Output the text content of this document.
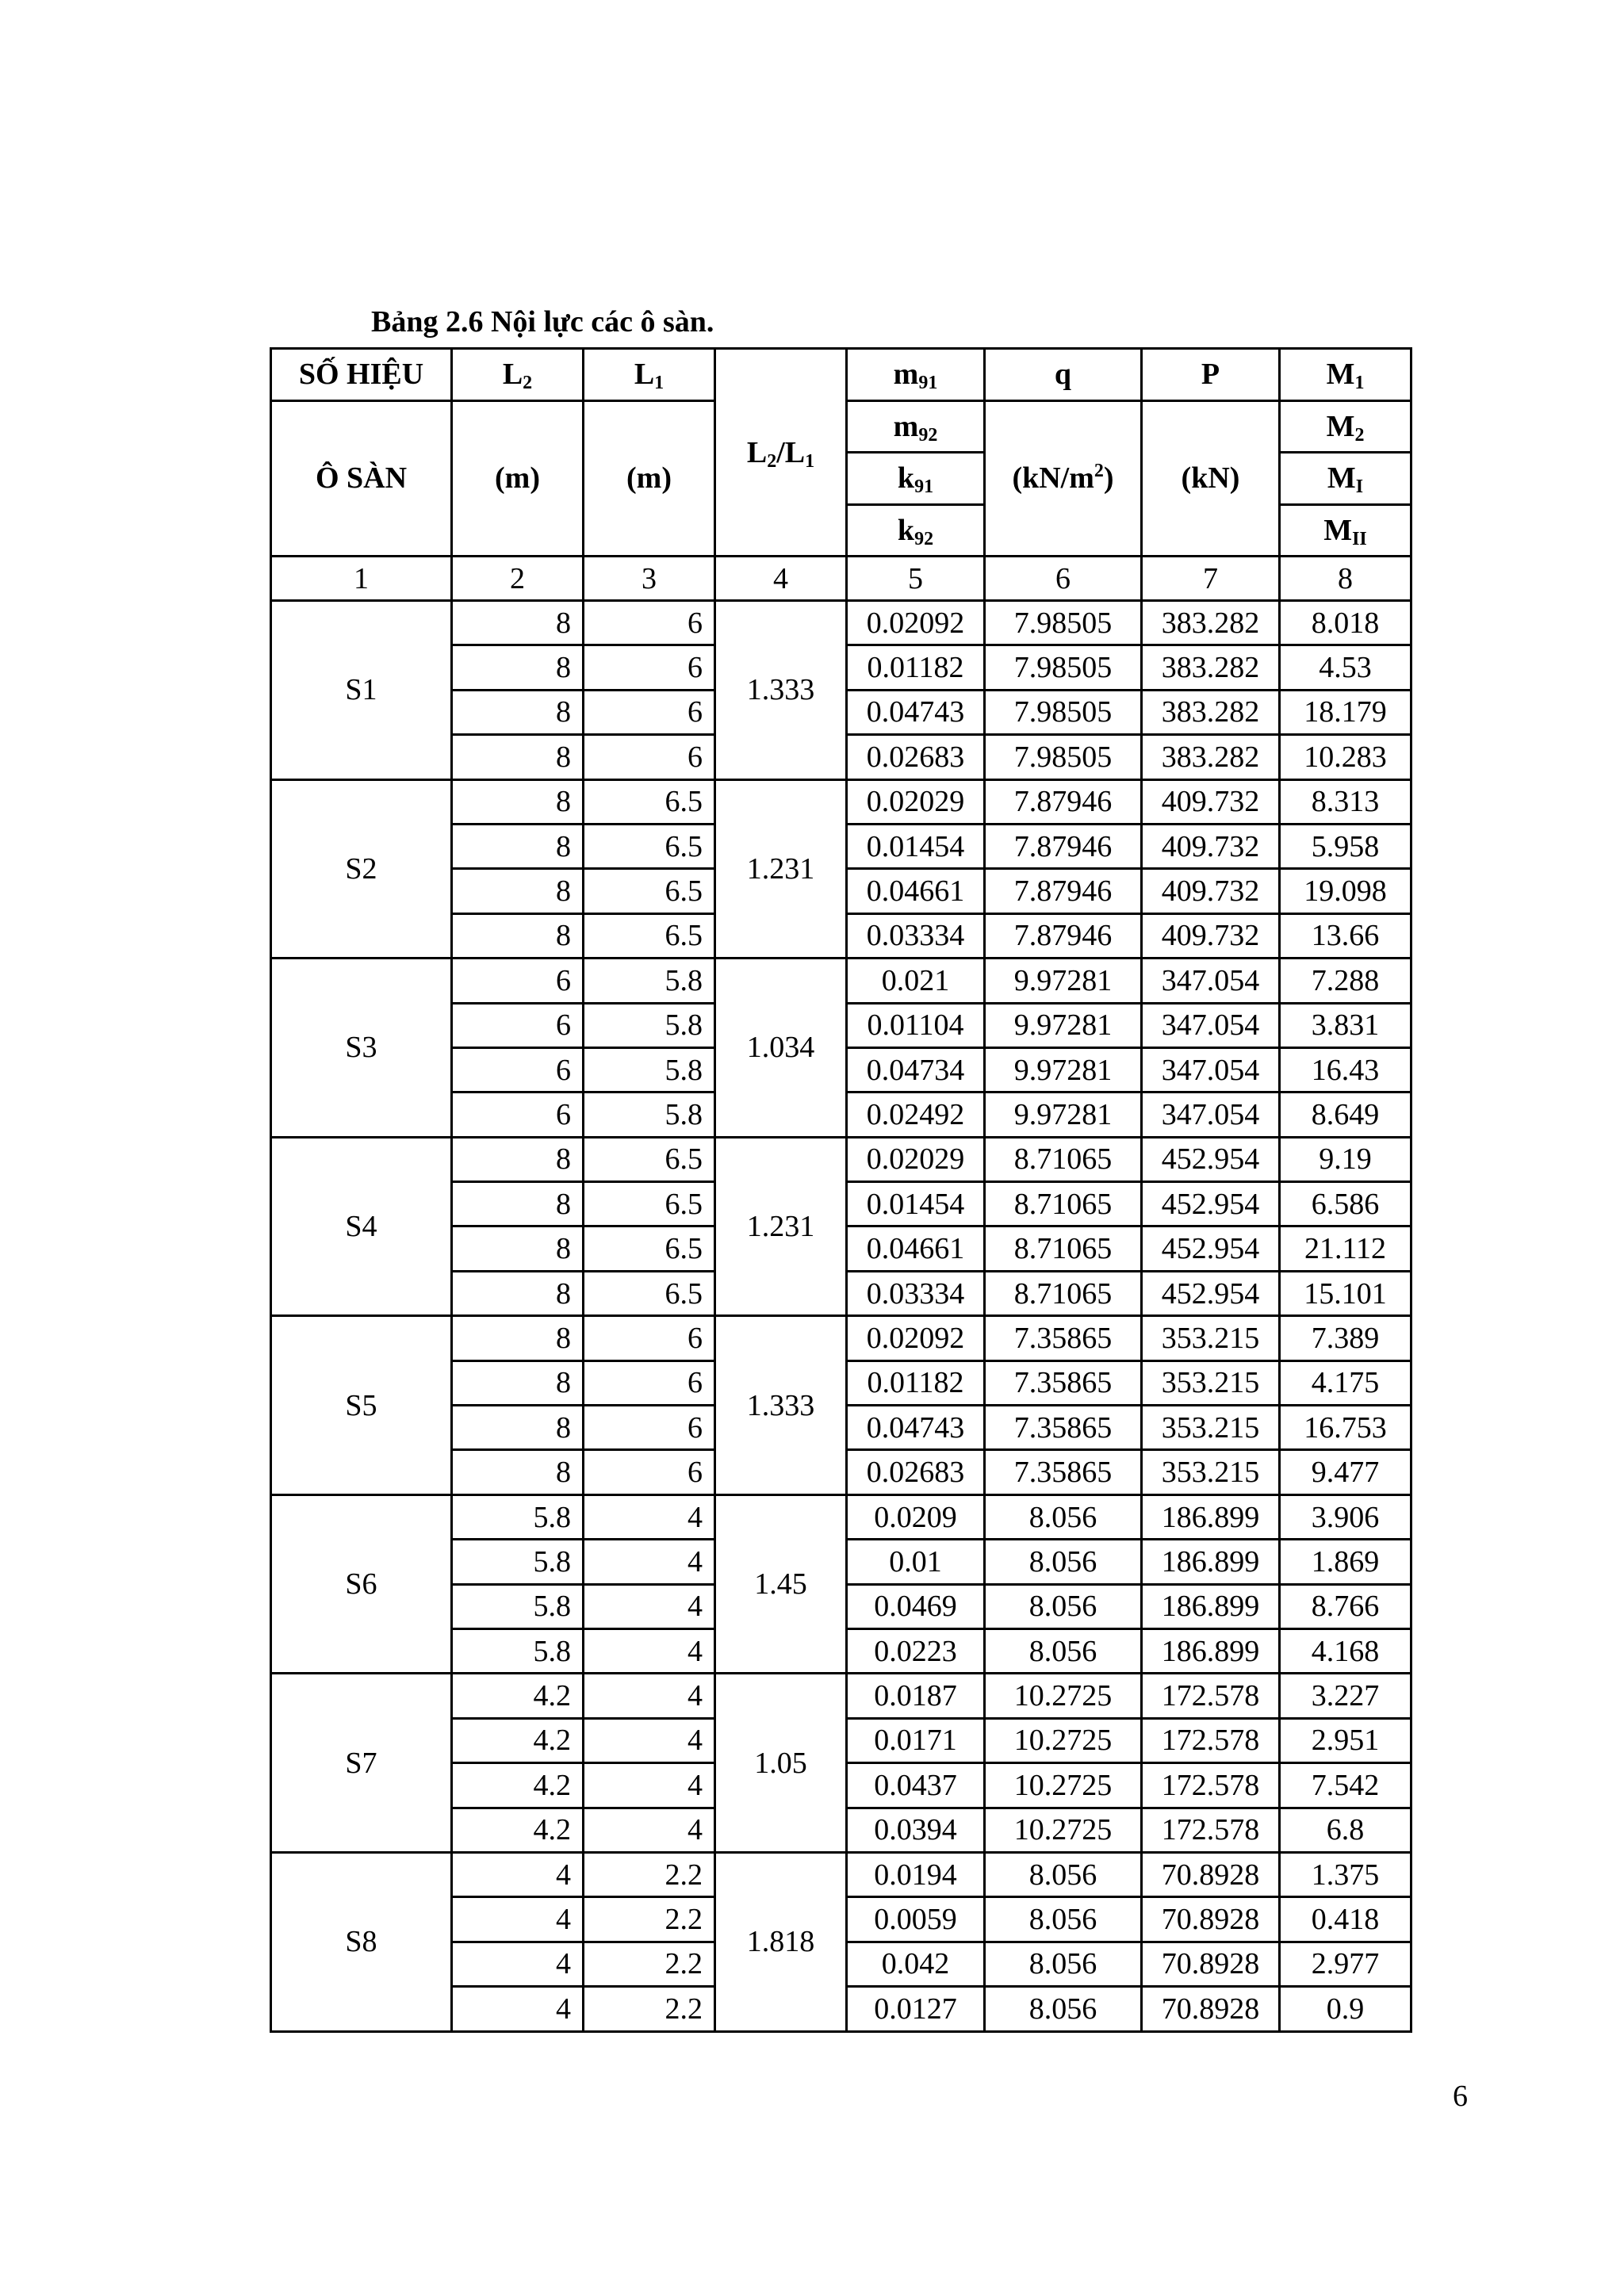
Bảng 2.6 Nội lực các ô sàn.
SỐ HIỆU	$L_2$	$L_1$	$L_2/L_1$	$m_{91}$	q	P	$M_1$
Ô SÀN	(m)	(m)		$m_{92}$	$(kN/m^2)$	(kN)	$M_2$
				$k_{91}$			$M_I$
				$k_{92}$			$M_{II}$
1	2	3	4	5	6	7	8
S1	8	6	1.333	0.02092	7.98505	383.282	8.018
	8	6		0.01182	7.98505	383.282	4.53
	8	6		0.04743	7.98505	383.282	18.179
	8	6		0.02683	7.98505	383.282	10.283
S2	8	6.5	1.231	0.02029	7.87946	409.732	8.313
	8	6.5		0.01454	7.87946	409.732	5.958
	8	6.5		0.04661	7.87946	409.732	19.098
	8	6.5		0.03334	7.87946	409.732	13.66
S3	6	5.8	1.034	0.021	9.97281	347.054	7.288
	6	5.8		0.01104	9.97281	347.054	3.831
	6	5.8		0.04734	9.97281	347.054	16.43
	6	5.8		0.02492	9.97281	347.054	8.649
S4	8	6.5	1.231	0.02029	8.71065	452.954	9.19
	8	6.5		0.01454	8.71065	452.954	6.586
	8	6.5		0.04661	8.71065	452.954	21.112
	8	6.5		0.03334	8.71065	452.954	15.101
S5	8	6	1.333	0.02092	7.35865	353.215	7.389
	8	6		0.01182	7.35865	353.215	4.175
	8	6		0.04743	7.35865	353.215	16.753
	8	6		0.02683	7.35865	353.215	9.477
S6	5.8	4	1.45	0.0209	8.056	186.899	3.906
	5.8	4		0.01	8.056	186.899	1.869
	5.8	4		0.0469	8.056	186.899	8.766
	5.8	4		0.0223	8.056	186.899	4.168
S7	4.2	4	1.05	0.0187	10.2725	172.578	3.227
	4.2	4		0.0171	10.2725	172.578	2.951
	4.2	4		0.0437	10.2725	172.578	7.542
	4.2	4		0.0394	10.2725	172.578	6.8
S8	4	2.2	1.818	0.0194	8.056	70.8928	1.375
	4	2.2		0.0059	8.056	70.8928	0.418
	4	2.2		0.042	8.056	70.8928	2.977
	4	2.2		0.0127	8.056	70.8928	0.9
6
